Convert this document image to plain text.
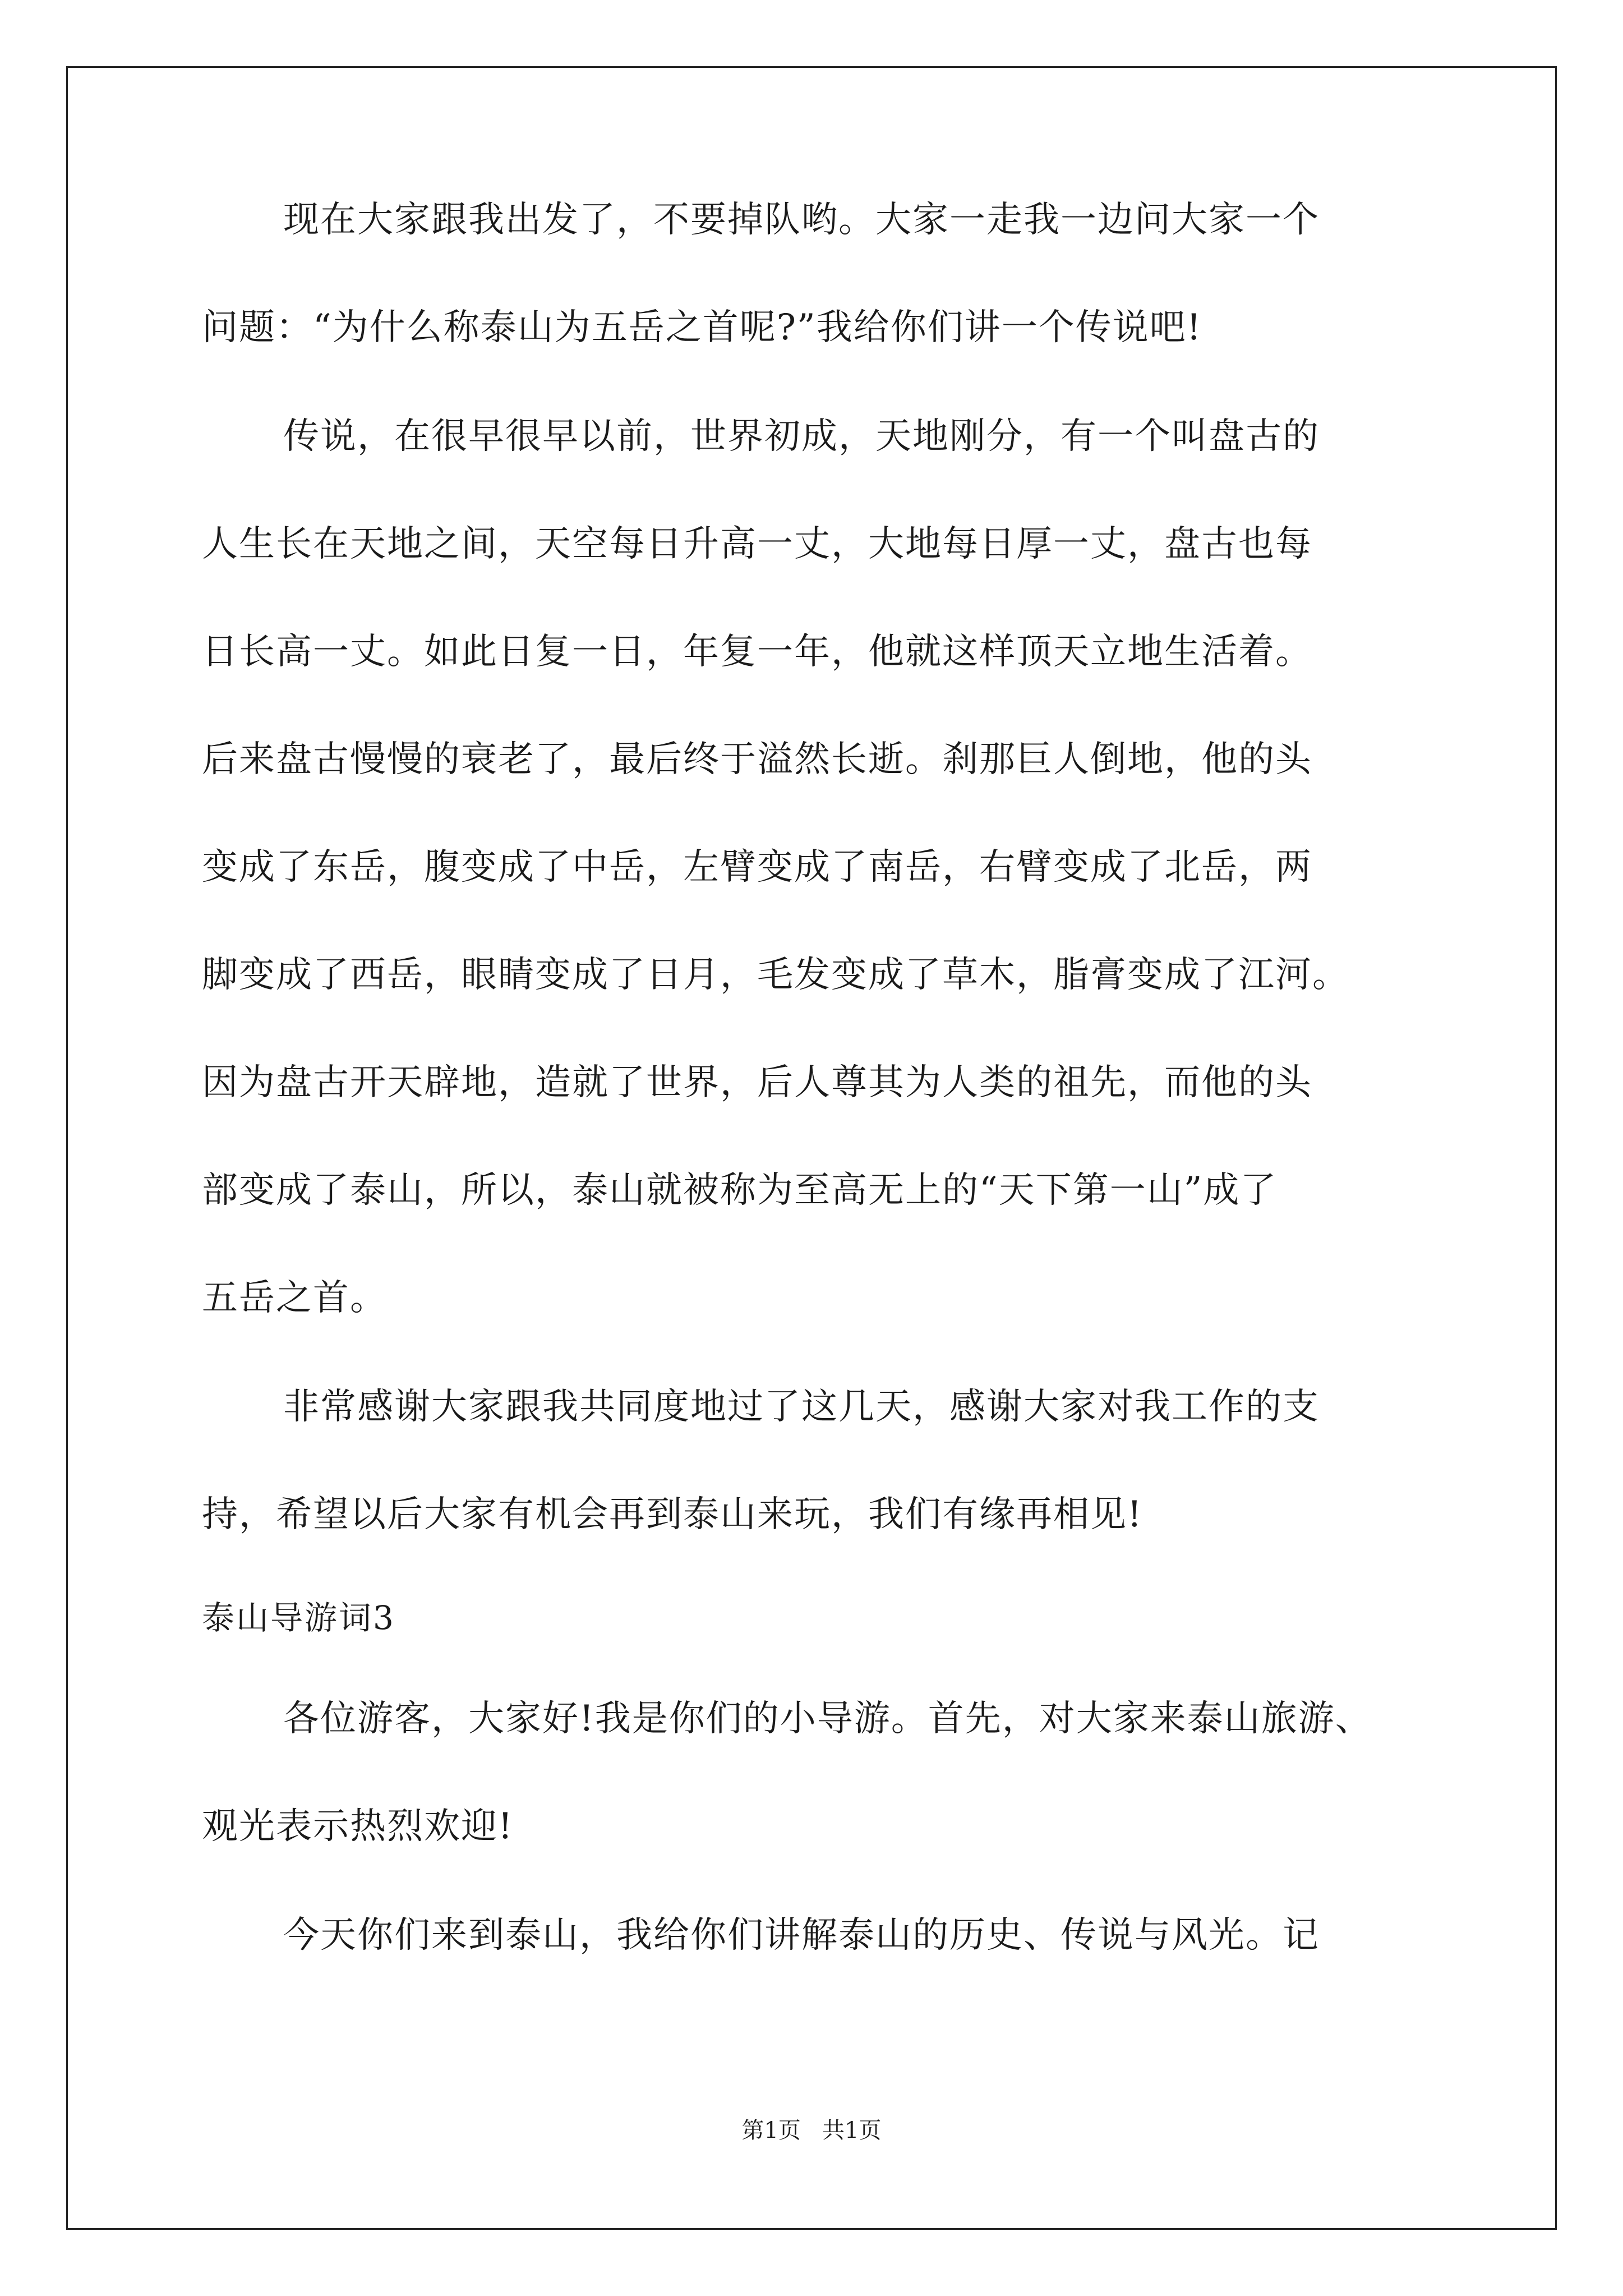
现在大家跟我出发了，不要掉队哟。大家一走我一边问大家一个
问题：“为什么称泰山为五岳之首呢?”我给你们讲一个传说吧!
传说，在很早很早以前，世界初成，天地刚分，有一个叫盘古的
人生长在天地之间，天空每日升高一丈，大地每日厚一丈，盘古也每
日长高一丈。如此日复一日，年复一年，他就这样顶天立地生活着。
后来盘古慢慢的衰老了，最后终于溢然长逝。刹那巨人倒地，他的头
变成了东岳，腹变成了中岳，左臂变成了南岳，右臂变成了北岳，两
脚变成了西岳，眼睛变成了日月，毛发变成了草木，脂膏变成了江河。
因为盘古开天辟地，造就了世界，后人尊其为人类的祖先，而他的头
部变成了泰山，所以，泰山就被称为至高无上的“天下第一山”成了
五岳之首。
非常感谢大家跟我共同度地过了这几天，感谢大家对我工作的支
持，希望以后大家有机会再到泰山来玩，我们有缘再相见!
泰山导游词3
各位游客，大家好!我是你们的小导游。首先，对大家来泰山旅游、
观光表示热烈欢迎!
今天你们来到泰山，我给你们讲解泰山的历史、传说与风光。记
第1页   共1页
